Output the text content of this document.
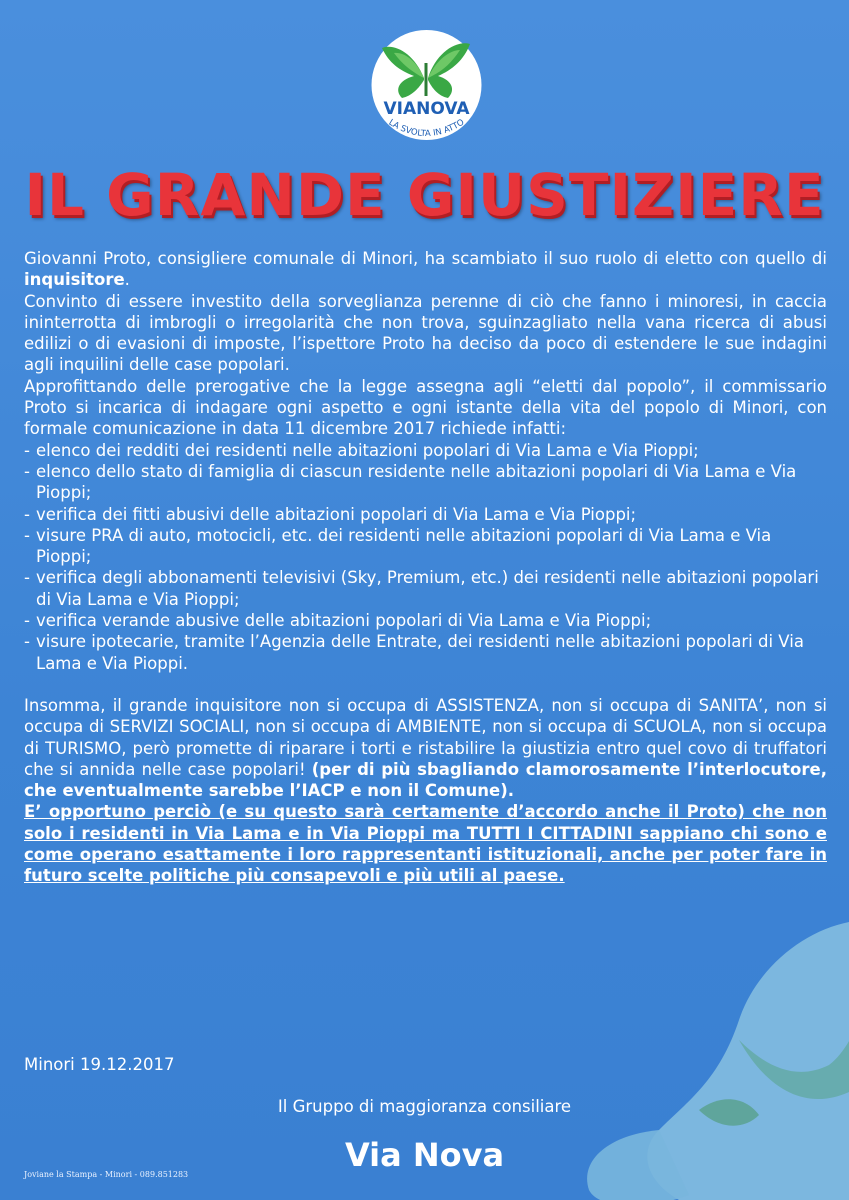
VIANOVA
LA SVOLTA IN ATTO
IL GRANDE GIUSTIZIERE

Giovanni Proto, consigliere comunale di Minori, ha scambiato il suo ruolo di eletto con quello di inquisitore.

Convinto di essere investito della sorveglianza perenne di ciò che fanno i minoresi, in caccia ininterrotta di imbrogli o irregolarità che non trova, sguinzagliato nella vana ricerca di abusi edilizi o di evasioni di imposte, l’ispettore Proto ha deciso da poco di estendere le sue indagini agli inquilini delle case popolari.

Approfittando delle prerogative che la legge assegna agli “eletti dal popolo”, il commissario Proto si incarica di indagare ogni aspetto e ogni istante della vita del popolo di Minori, con formale comunicazione in data 11 dicembre 2017 richiede infatti:

- elenco dei redditi dei residenti nelle abitazioni popolari di Via Lama e Via Pioppi;
- elenco dello stato di famiglia di ciascun residente nelle abitazioni popolari di Via Lama e Via Pioppi;
- verifica dei fitti abusivi delle abitazioni popolari di Via Lama e Via Pioppi;
- visure PRA di auto, motocicli, etc. dei residenti nelle abitazioni popolari di Via Lama e Via Pioppi;
- verifica degli abbonamenti televisivi (Sky, Premium, etc.) dei residenti nelle abitazioni popolari di Via Lama e Via Pioppi;
- verifica verande abusive delle abitazioni popolari di Via Lama e Via Pioppi;
- visure ipotecarie, tramite l’Agenzia delle Entrate, dei residenti nelle abitazioni popolari di Via Lama e Via Pioppi.

Insomma, il grande inquisitore non si occupa di ASSISTENZA, non si occupa di SANITA’, non si occupa di SERVIZI SOCIALI, non si occupa di AMBIENTE, non si occupa di SCUOLA, non si occupa di TURISMO, però promette di riparare i torti e ristabilire la giustizia entro quel covo di truffatori che si annida nelle case popolari! (per di più sbagliando clamorosamente l’interlocutore, che eventualmente sarebbe l’IACP e non il Comune).

E’ opportuno perciò (e su questo sarà certamente d’accordo anche il Proto) che non solo i residenti in Via Lama e in Via Pioppi ma TUTTI I CITTADINI sappiano chi sono e come operano esattamente i loro rappresentanti istituzionali, anche per poter fare in futuro scelte politiche più consapevoli e più utili al paese.

Minori 19.12.2017
Il Gruppo di maggioranza consiliare
Via Nova
Joviane la Stampa - Minori - 089.851283
